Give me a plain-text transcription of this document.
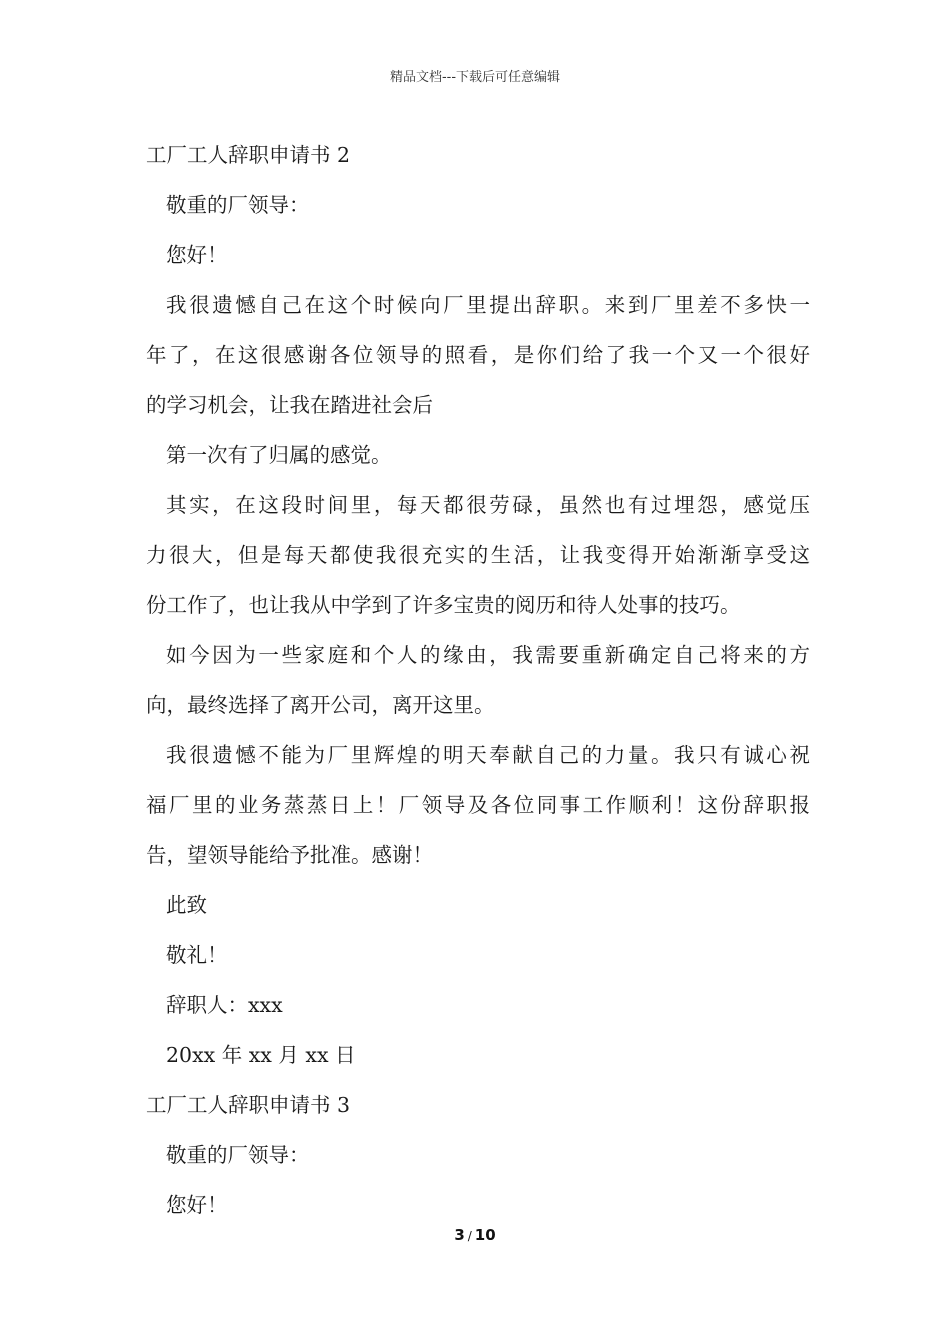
精品文档---下载后可任意编辑
工厂工人辞职申请书 2
敬重的厂领导：
您好！
我很遗憾自己在这个时候向厂里提出辞职。来到厂里差不多快一
年了，在这很感谢各位领导的照看，是你们给了我一个又一个很好
的学习机会，让我在踏进社会后
第一次有了归属的感觉。
其实，在这段时间里，每天都很劳碌，虽然也有过埋怨，感觉压
力很大，但是每天都使我很充实的生活，让我变得开始渐渐享受这
份工作了，也让我从中学到了许多宝贵的阅历和待人处事的技巧。
如今因为一些家庭和个人的缘由，我需要重新确定自己将来的方
向，最终选择了离开公司，离开这里。
我很遗憾不能为厂里辉煌的明天奉献自己的力量。我只有诚心祝
福厂里的业务蒸蒸日上！厂领导及各位同事工作顺利！这份辞职报
告，望领导能给予批准。感谢！
此致
敬礼！
辞职人：xxx
20xx 年 xx 月 xx 日
工厂工人辞职申请书 3
敬重的厂领导：
您好！
3 / 10
